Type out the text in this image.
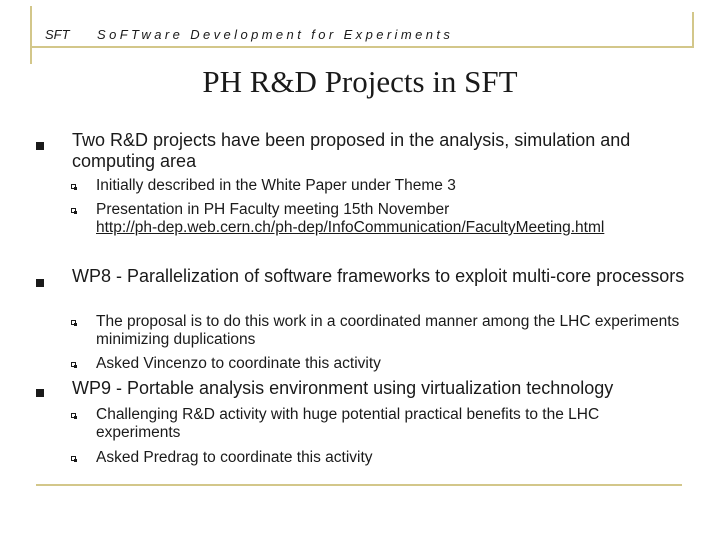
SFT SoFTware Development for Experiments
PH R&D Projects in SFT
Two R&D projects have been proposed in the analysis, simulation and computing area
Initially described in the White Paper under Theme 3
Presentation in PH Faculty meeting 15th November
http://ph-dep.web.cern.ch/ph-dep/InfoCommunication/FacultyMeeting.html
WP8 - Parallelization of software frameworks to exploit multi-core processors
The proposal is to do this work in a coordinated manner among the LHC experiments minimizing duplications
Asked Vincenzo to coordinate this activity
WP9 - Portable analysis environment using virtualization technology
Challenging R&D activity with huge potential practical benefits to the LHC experiments
Asked Predrag to coordinate this activity
